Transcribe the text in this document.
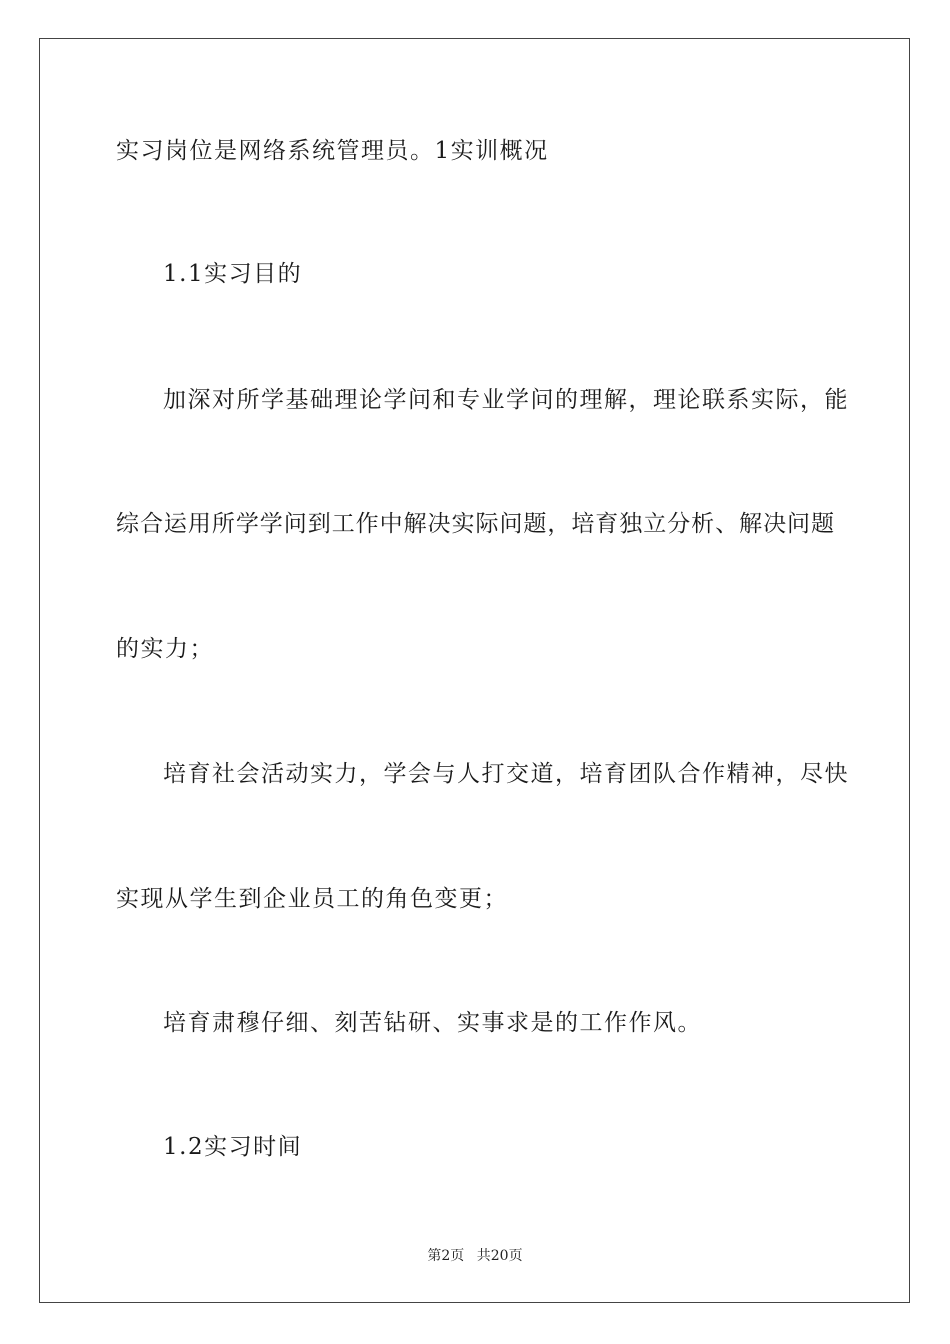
实习岗位是网络系统管理员。1实训概况
1.1实习目的
加深对所学基础理论学问和专业学问的理解，理论联系实际，能
综合运用所学学问到工作中解决实际问题，培育独立分析、解决问题
的实力；
培育社会活动实力，学会与人打交道，培育团队合作精神，尽快
实现从学生到企业员工的角色变更；
培育肃穆仔细、刻苦钻研、实事求是的工作作风。
1.2实习时间
第2页 共20页
